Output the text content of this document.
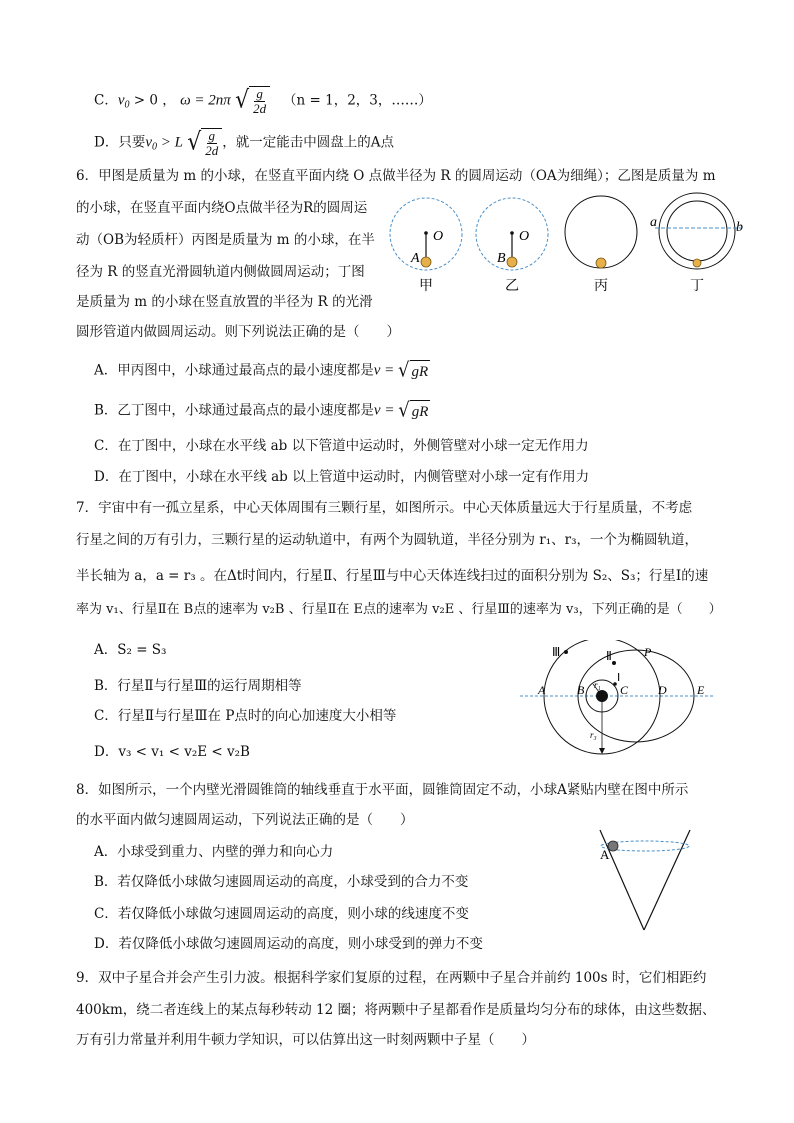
C．$v_0 > 0$ ， ω = 2nπ √ $\frac{g}{2d} (n = 1$，2，3，……）
D．只要$v_0 > L$ √ $\frac{g}{2d}$ ，就一定能击中圆盘上的A点
6．甲图是质量为 m 的小球，在竖直平面内绕 O 点做半径为 R 的圆周运动（OA为细绳）；乙图是质量为 m
的小球，在竖直平面内绕O点做半径为R的圆周运
动（OB为轻质杆）丙图是质量为 m 的小球，在半
径为 R 的竖直光滑圆轨道内侧做圆周运动；丁图
是质量为 m 的小球在竖直放置的半径为 R 的光滑
圆形管道内做圆周运动。则下列说法正确的是（　　）
A．甲丙图中，小球通过最高点的最小速度都是v = √ gR
B．乙丁图中，小球通过最高点的最小速度都是v = √ gR
C．在丁图中，小球在水平线 ab 以下管道中运动时，外侧管壁对小球一定无作用力
D．在丁图中，小球在水平线 ab 以上管道中运动时，内侧管壁对小球一定有作用力
O
A
甲
O
B
乙	丙
a	b
丁
7．宇宙中有一孤立星系，中心天体周围有三颗行星，如图所示。中心天体质量远大于行星质量，不考虑
行星之间的万有引力，三颗行星的运动轨道中，有两个为圆轨道，半径分别为 r₁、r₃，一个为椭圆轨道，
半长轴为 a，a = r₃ 。在Δt时间内，行星Ⅱ、行星Ⅲ与中心天体连线扫过的面积分别为 S₂、S₃；行星Ⅰ的速
率为 v₁、行星Ⅱ在 B点的速率为 v₂B 、行星Ⅱ在 E点的速率为 v₂E 、行星Ⅲ的速率为 v₃，下列正确的是（　　）
A．S₂ = S₃
B．行星Ⅱ与行星Ⅲ的运行周期相等
C．行星Ⅱ与行星Ⅲ在 P点时的向心加速度大小相等
D．v₃ < v₁ < v₂E < v₂B
Ⅲ	Ⅱ
Ⅰ
P
A	B	C D	E
r₁
r₃
8．如图所示，一个内壁光滑圆锥筒的轴线垂直于水平面，圆锥筒固定不动，小球A紧贴内壁在图中所示
的水平面内做匀速圆周运动，下列说法正确的是（　　）
A．小球受到重力、内壁的弹力和向心力
B．若仅降低小球做匀速圆周运动的高度，小球受到的合力不变
C．若仅降低小球做匀速圆周运动的高度，则小球的线速度不变
D．若仅降低小球做匀速圆周运动的高度，则小球受到的弹力不变
A
9．双中子星合并会产生引力波。根据科学家们复原的过程，在两颗中子星合并前约 100s 时，它们相距约
400km，绕二者连线上的某点每秒转动 12 圈；将两颗中子星都看作是质量均匀分布的球体，由这些数据、
万有引力常量并利用牛顿力学知识，可以估算出这一时刻两颗中子星（　　）
